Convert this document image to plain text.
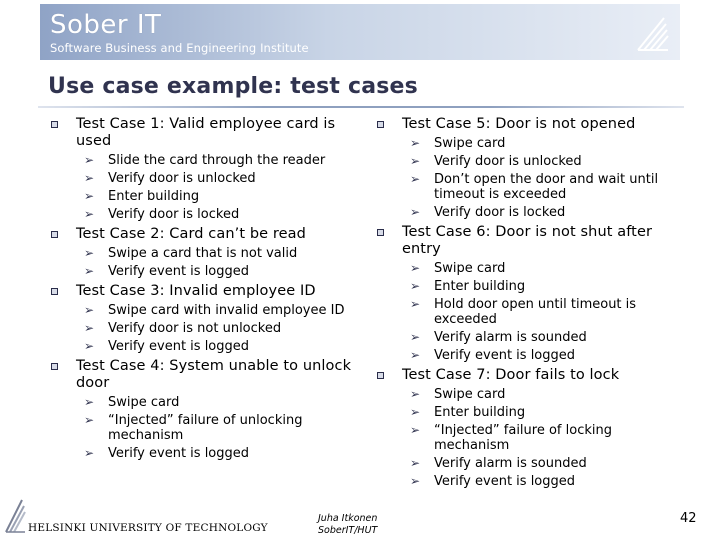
Sober IT
Software Business and Engineering Institute
Use case example: test cases
Test Case 1: Valid employee card is used
➢ Slide the card through the reader
➢ Verify door is unlocked
➢ Enter building
➢ Verify door is locked
Test Case 2: Card can’t be read
➢ Swipe a card that is not valid
➢ Verify event is logged
Test Case 3: Invalid employee ID
➢ Swipe card with invalid employee ID
➢ Verify door is not unlocked
➢ Verify event is logged
Test Case 4: System unable to unlock door
➢ Swipe card
➢ “Injected” failure of unlocking mechanism
➢ Verify event is logged
Test Case 5: Door is not opened
➢ Swipe card
➢ Verify door is unlocked
➢ Don’t open the door and wait until timeout is exceeded
➢ Verify door is locked
Test Case 6: Door is not shut after entry
➢ Swipe card
➢ Enter building
➢ Hold door open until timeout is exceeded
➢ Verify alarm is sounded
➢ Verify event is logged
Test Case 7: Door fails to lock
➢ Swipe card
➢ Enter building
➢ “Injected” failure of locking mechanism
➢ Verify alarm is sounded
➢ Verify event is logged
HELSINKI UNIVERSITY OF TECHNOLOGY
Juha Itkonen
SoberIT/HUT
42
